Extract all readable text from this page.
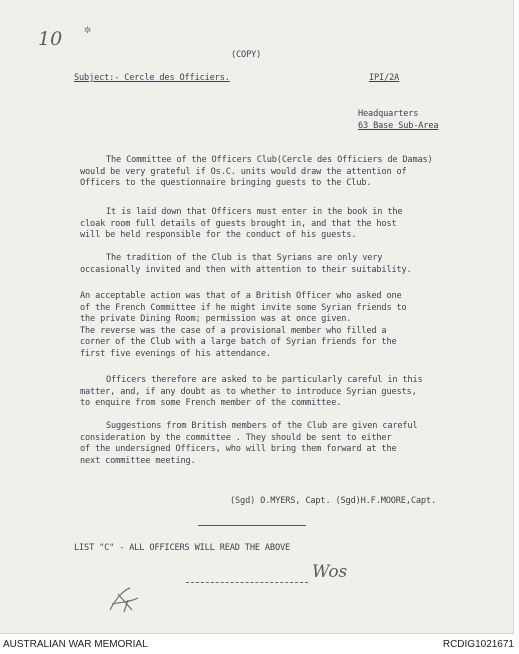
10 ✲
(COPY)
Subject:- Cercle des Officiers.	IPI/2A
Headquarters
63 Base Sub-Area
The Committee of the Officers Club(Cercle des Officiers de Damas)
would be very grateful if Os.C. units would draw the attention of
Officers to the questionnaire bringing guests to the Club.
It is laid down that Officers must enter in the book in the
cloak room full details of guests brought in, and that the host
will be held responsible for the conduct of his guests.
The tradition of the Club is that Syrians are only very
occasionally invited and then with attention to their suitability.
An acceptable action was that of a British Officer who asked one
of the French Committee if he might invite some Syrian friends to
the private Dining Room; permission was at once given.
The reverse was the case of a provisional member who filled a
corner of the Club with a large batch of Syrian friends for the
first five evenings of his attendance.
Officers therefore are asked to be particularly careful in this
matter, and, if any doubt as to whether to introduce Syrian guests,
to enquire from some French member of the committee.
Suggestions from British members of the Club are given careful
consideration by the committee . They should be sent to either
of the undersigned Officers, who will bring them forward at the
next committee meeting.
(Sgd) O.MYERS, Capt. (Sgd)H.F.MOORE,Capt.
LIST "C" - ALL OFFICERS WILL READ THE ABOVE
Wos
AUSTRALIAN WAR MEMORIAL	RCDIG1021671
